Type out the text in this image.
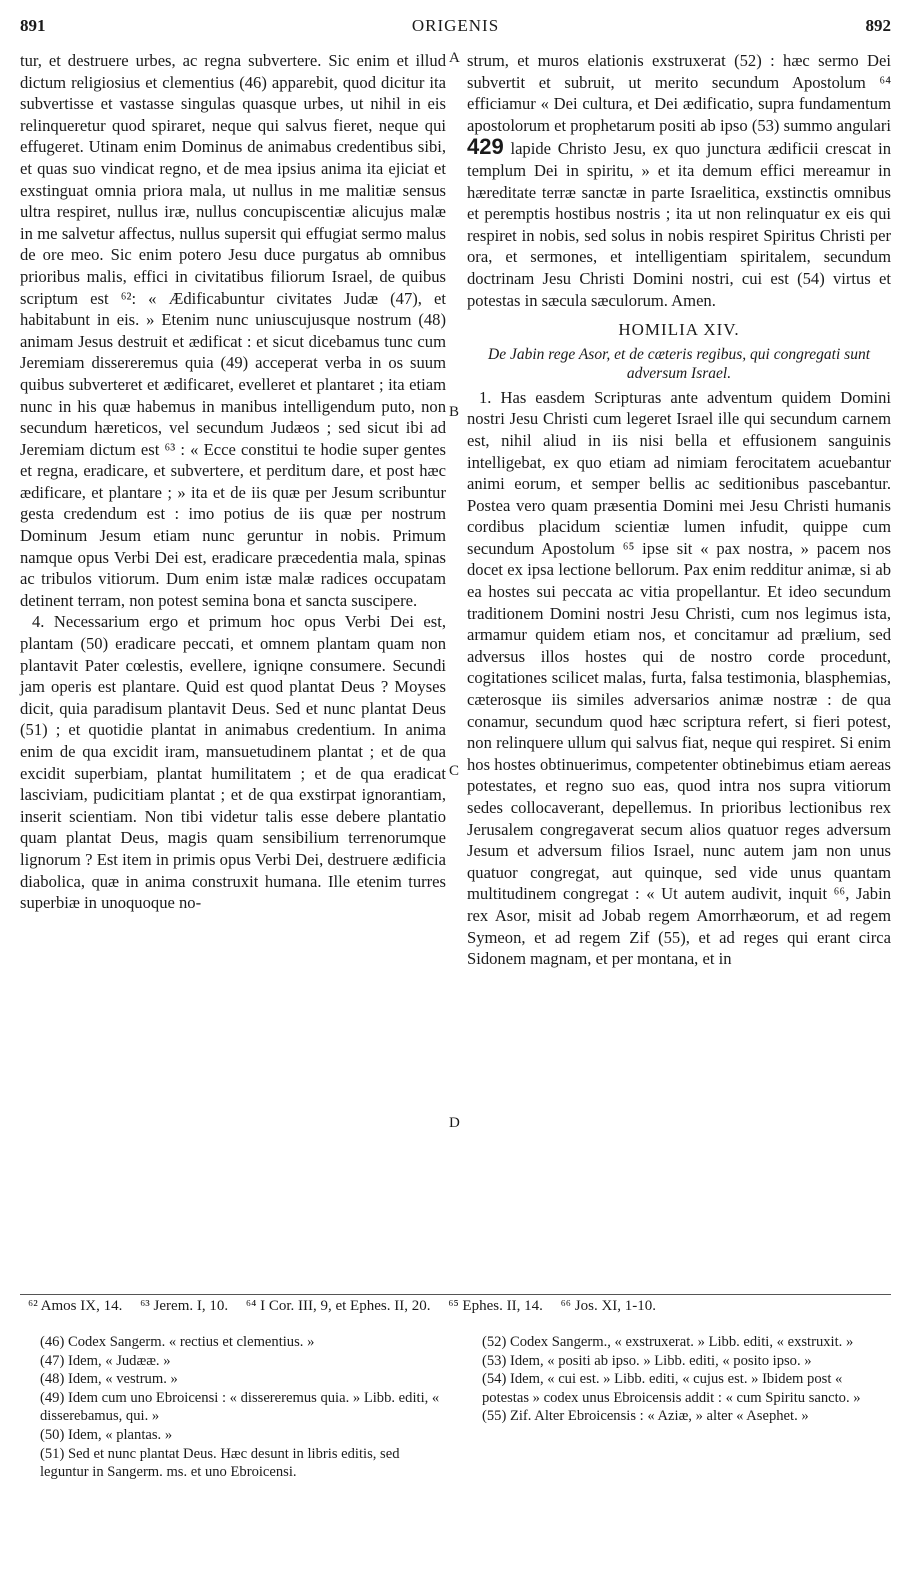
ORIGENIS
891	892
A
B
C
D

tur, et destruere urbes, ac regna subvertere. Sic enim et illud dictum religiosius et clementius (46) apparebit, quod dicitur ita subvertisse et vastasse singulas quasque urbes, ut nihil in eis relinqueretur quod spiraret, neque qui salvus fieret, neque qui effugeret. Utinam enim Dominus de animabus credentibus sibi, et quas suo vindicat regno, et de mea ipsius anima ita ejiciat et exstinguat omnia priora mala, ut nullus in me malitiæ sensus ultra respiret, nullus iræ, nullus concupiscentiæ alicujus malæ in me salvetur affectus, nullus supersit qui effugiat sermo malus de ore meo. Sic enim potero Jesu duce purgatus ab omnibus prioribus malis, effici in civitatibus filiorum Israel, de quibus scriptum est ⁶²: « Ædificabuntur civitates Judæ (47), et habitabunt in eis. » Etenim nunc uniuscujusque nostrum (48) animam Jesus destruit et ædificat : et sicut dicebamus tunc cum Jeremiam dissereremus quia (49) acceperat verba in os suum quibus subverteret et ædificaret, evelleret et plantaret ; ita etiam nunc in his quæ habemus in manibus intelligendum puto, non secundum hæreticos, vel secundum Judæos ; sed sicut ibi ad Jeremiam dictum est ⁶³ : « Ecce constitui te hodie super gentes et regna, eradicare, et subvertere, et perditum dare, et post hæc ædificare, et plantare ; » ita et de iis quæ per Jesum scribuntur gesta credendum est : imo potius de iis quæ per nostrum Dominum Jesum etiam nunc geruntur in nobis. Primum namque opus Verbi Dei est, eradicare præcedentia mala, spinas ac tribulos vitiorum. Dum enim istæ malæ radices occupatam detinent terram, non potest semina bona et sancta suscipere.

4. Necessarium ergo et primum hoc opus Verbi Dei est, plantam (50) eradicare peccati, et omnem plantam quam non plantavit Pater cœlestis, evellere, igniqne consumere. Secundi jam operis est plantare. Quid est quod plantat Deus ? Moyses dicit, quia paradisum plantavit Deus. Sed et nunc plantat Deus (51) ; et quotidie plantat in animabus credentium. In anima enim de qua excidit iram, mansuetudinem plantat ; et de qua excidit superbiam, plantat humilitatem ; et de qua eradicat lasciviam, pudicitiam plantat ; et de qua exstirpat ignorantiam, inserit scientiam. Non tibi videtur talis esse debere plantatio quam plantat Deus, magis quam sensibilium terrenorumque lignorum ? Est item in primis opus Verbi Dei, destruere ædificia diabolica, quæ in anima construxit humana. Ille etenim turres superbiæ in unoquoque no-

strum, et muros elationis exstruxerat (52) : hæc sermo Dei subvertit et subruit, ut merito secundum Apostolum ⁶⁴ efficiamur « Dei cultura, et Dei ædificatio, supra fundamentum apostolorum et prophetarum positi ab ipso (53) summo angulari 429 lapide Christo Jesu, ex quo junctura ædificii crescat in templum Dei in spiritu, » et ita demum effici mereamur in hæreditate terræ sanctæ in parte Israelitica, exstinctis omnibus et peremptis hostibus nostris ; ita ut non relinquatur ex eis qui respiret in nobis, sed solus in nobis respiret Spiritus Christi per ora, et sermones, et intelligentiam spiritalem, secundum doctrinam Jesu Christi Domini nostri, cui est (54) virtus et potestas in sæcula sæculorum. Amen.

HOMILIA XIV.
De Jabin rege Asor, et de cæteris regibus, qui congregati sunt adversum Israel.

1. Has easdem Scripturas ante adventum quidem Domini nostri Jesu Christi cum legeret Israel ille qui secundum carnem est, nihil aliud in iis nisi bella et effusionem sanguinis intelligebat, ex quo etiam ad nimiam ferocitatem acuebantur animi eorum, et semper bellis ac seditionibus pascebantur. Postea vero quam præsentia Domini mei Jesu Christi humanis cordibus placidum scientiæ lumen infudit, quippe cum secundum Apostolum ⁶⁵ ipse sit « pax nostra, » pacem nos docet ex ipsa lectione bellorum. Pax enim redditur animæ, si ab ea hostes sui peccata ac vitia propellantur. Et ideo secundum traditionem Domini nostri Jesu Christi, cum nos legimus ista, armamur quidem etiam nos, et concitamur ad prælium, sed adversus illos hostes qui de nostro corde procedunt, cogitationes scilicet malas, furta, falsa testimonia, blasphemias, cæterosque iis similes adversarios animæ nostræ : de qua conamur, secundum quod hæc scriptura refert, si fieri potest, non relinquere ullum qui salvus fiat, neque qui respiret. Si enim hos hostes obtinuerimus, competenter obtinebimus etiam aereas potestates, et regno suo eas, quod intra nos supra vitiorum sedes collocaverant, depellemus. In prioribus lectionibus rex Jerusalem congregaverat secum alios quatuor reges adversum Jesum et adversum filios Israel, nunc autem jam non unus quatuor congregat, aut quinque, sed vide unus quantam multitudinem congregat : « Ut autem audivit, inquit ⁶⁶, Jabin rex Asor, misit ad Jobab regem Amorrhæorum, et ad regem Symeon, et ad regem Zif (55), et ad reges qui erant circa Sidonem magnam, et per montana, et in

⁶² Amos IX, 14. ⁶³ Jerem. I, 10. ⁶⁴ I Cor. III, 9, et Ephes. II, 20. ⁶⁵ Ephes. II, 14. ⁶⁶ Jos. XI, 1-10.

(46) Codex Sangerm. « rectius et clementius. »

(47) Idem, « Judææ. »

(48) Idem, « vestrum. »

(49) Idem cum uno Ebroicensi : « dissereremus quia. » Libb. editi, « disserebamus, qui. »

(50) Idem, « plantas. »

(51) Sed et nunc plantat Deus. Hæc desunt in libris editis, sed leguntur in Sangerm. ms. et uno Ebroicensi.

(52) Codex Sangerm., « exstruxerat. » Libb. editi, « exstruxit. »

(53) Idem, « positi ab ipso. » Libb. editi, « posito ipso. »

(54) Idem, « cui est. » Libb. editi, « cujus est. » Ibidem post « potestas » codex unus Ebroicensis addit : « cum Spiritu sancto. »

(55) Zif. Alter Ebroicensis : « Aziæ, » alter « Asephet. »
